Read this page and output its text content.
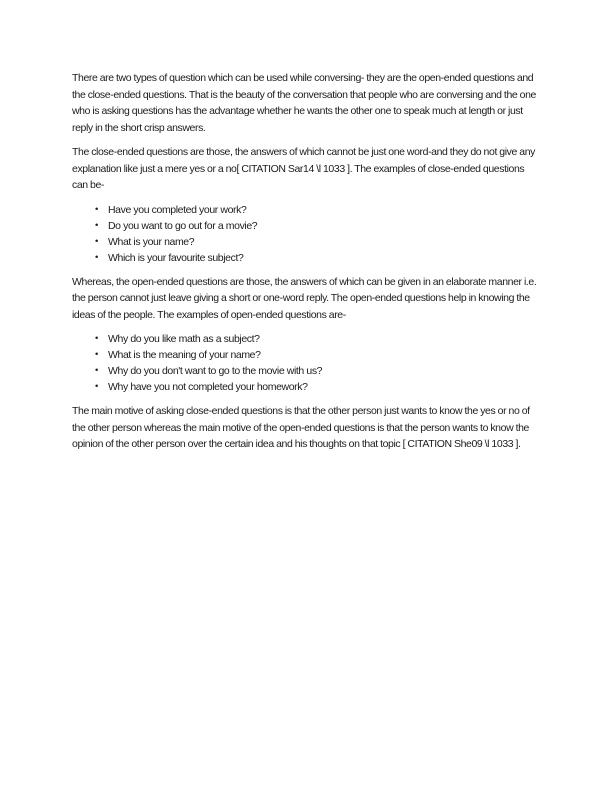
There are two types of question which can be used while conversing- they are the open-ended questions and the close-ended questions. That is the beauty of the conversation that people who are conversing and the one who is asking questions has the advantage whether he wants the other one to speak much at length or just reply in the short crisp answers.

The close-ended questions are those, the answers of which cannot be just one word-and they do not give any explanation like just a mere yes or a no[ CITATION Sar14 \l 1033 ]. The examples of close-ended questions can be-

• Have you completed your work?
• Do you want to go out for a movie?
• What is your name?
• Which is your favourite subject?

Whereas, the open-ended questions are those, the answers of which can be given in an elaborate manner i.e. the person cannot just leave giving a short or one-word reply. The open-ended questions help in knowing the ideas of the people. The examples of open-ended questions are-

• Why do you like math as a subject?
• What is the meaning of your name?
• Why do you don't want to go to the movie with us?
• Why have you not completed your homework?

The main motive of asking close-ended questions is that the other person just wants to know the yes or no of the other person whereas the main motive of the open-ended questions is that the person wants to know the opinion of the other person over the certain idea and his thoughts on that topic [ CITATION She09 \l 1033 ].
